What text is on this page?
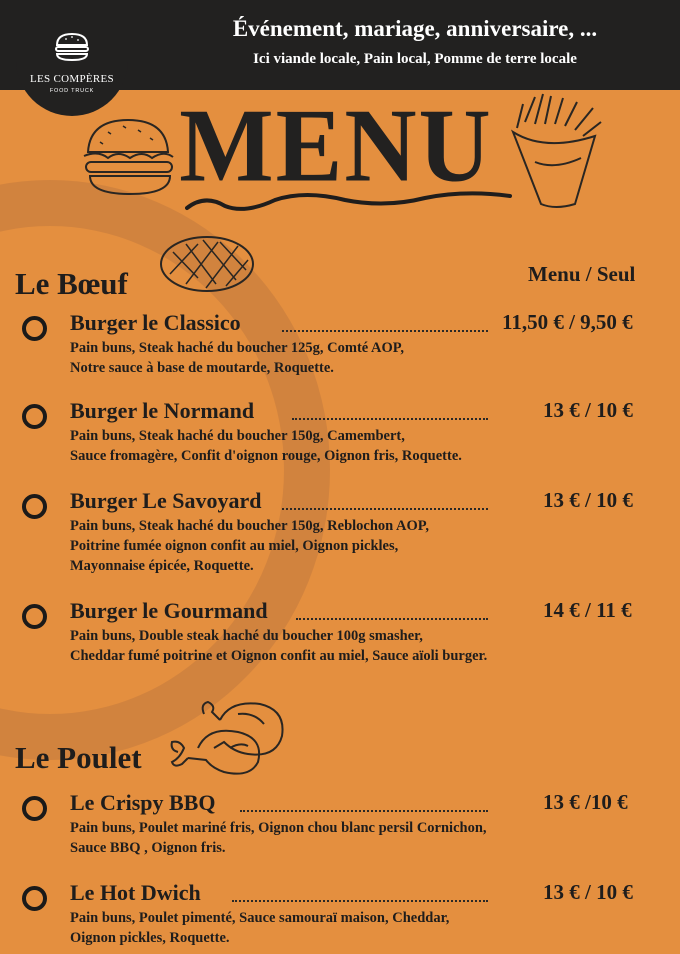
LES COMPÈRES
FOOD TRUCK
Événement, mariage, anniversaire, ...
Ici viande locale, Pain local, Pomme de terre locale
MENU
Menu / Seul
Le Bœuf
Burger le Classico	11,50 € / 9,50 €
Pain buns, Steak haché du boucher 125g, Comté AOP,
Notre sauce à base de moutarde, Roquette.
Burger le Normand	13 € / 10 €
Pain buns, Steak haché du boucher 150g, Camembert,
Sauce fromagère, Confit d'oignon rouge, Oignon fris, Roquette.
Burger Le Savoyard	13 € / 10 €
Pain buns, Steak haché du boucher 150g, Reblochon AOP,
Poitrine fumée oignon confit au miel, Oignon pickles,
Mayonnaise épicée, Roquette.
Burger le Gourmand	14 € / 11 €
Pain buns, Double steak haché du boucher 100g smasher,
Cheddar fumé poitrine et Oignon confit au miel, Sauce aïoli burger.
Le Poulet
Le Crispy BBQ	13 € /10 €
Pain buns, Poulet mariné fris, Oignon chou blanc persil Cornichon,
Sauce BBQ , Oignon fris.
Le Hot Dwich	13 € / 10 €
Pain buns, Poulet pimenté, Sauce samouraï maison, Cheddar,
Oignon pickles, Roquette.
